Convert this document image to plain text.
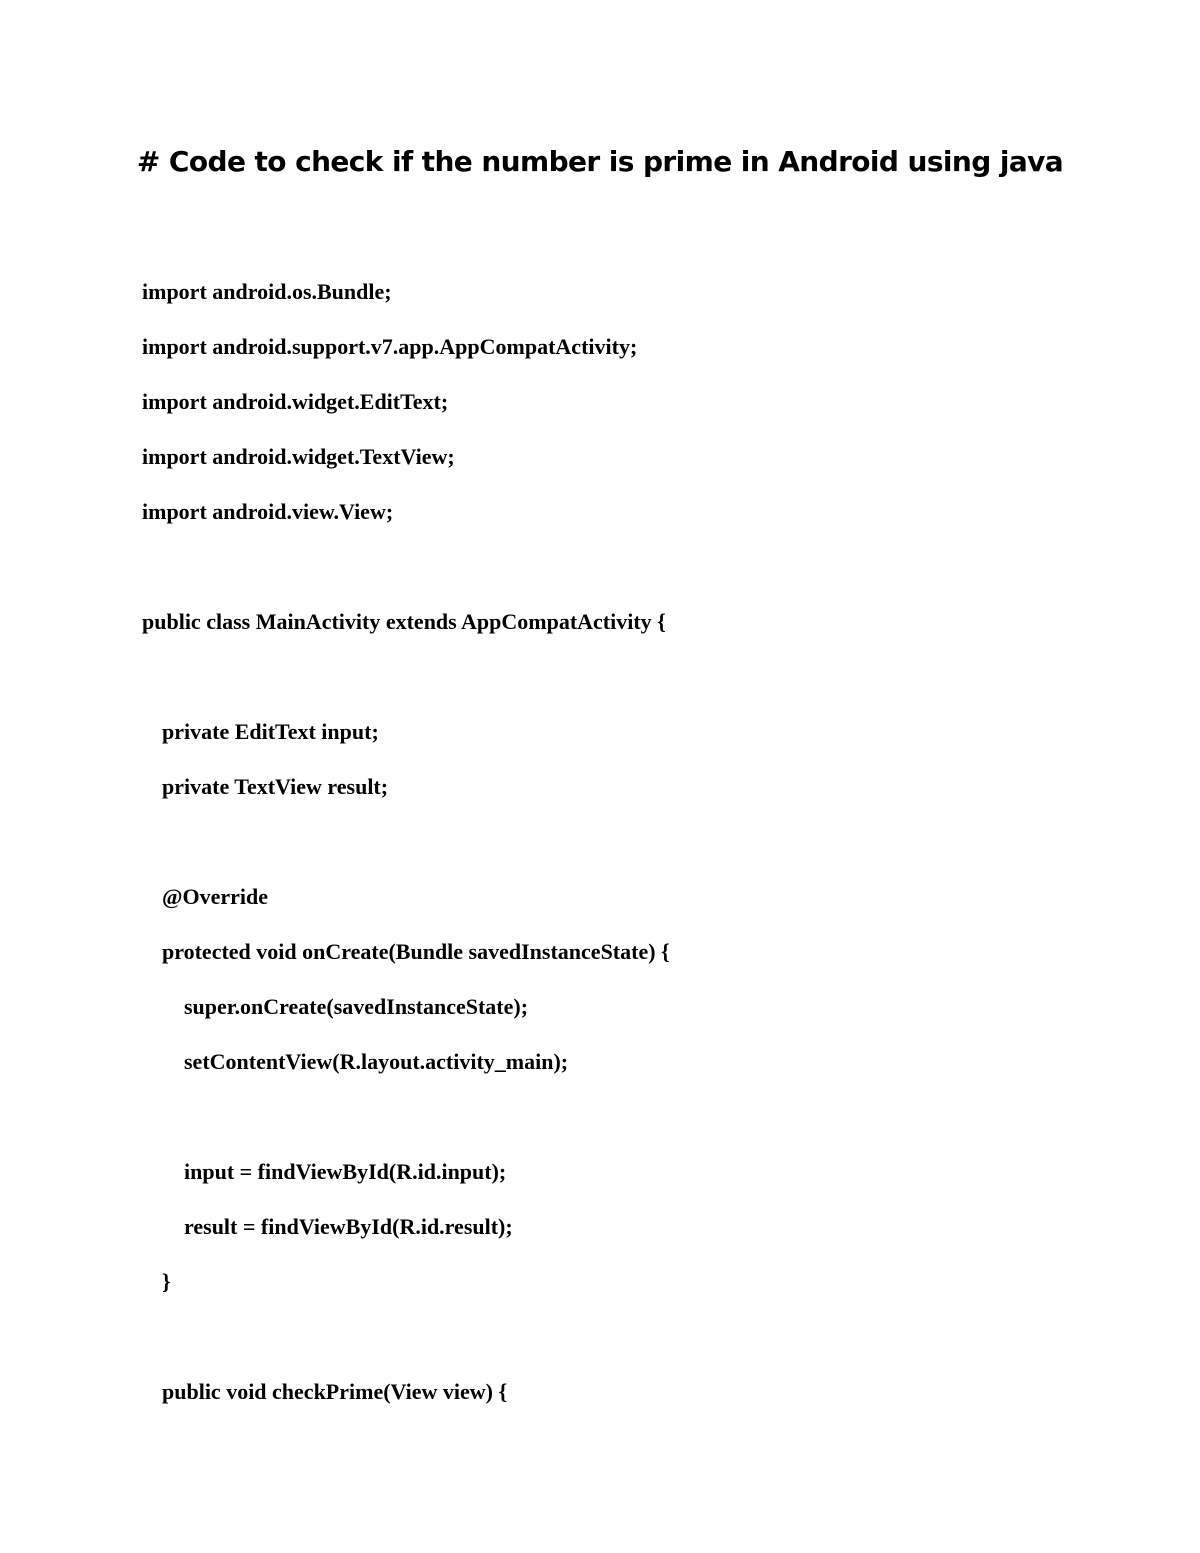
# Code to check if the number is prime in Android using java
import android.os.Bundle;
import android.support.v7.app.AppCompatActivity;
import android.widget.EditText;
import android.widget.TextView;
import android.view.View;
public class MainActivity extends AppCompatActivity {
private EditText input;
private TextView result;
@Override
protected void onCreate(Bundle savedInstanceState) {
super.onCreate(savedInstanceState);
setContentView(R.layout.activity_main);
input = findViewById(R.id.input);
result = findViewById(R.id.result);
}
public void checkPrime(View view) {
